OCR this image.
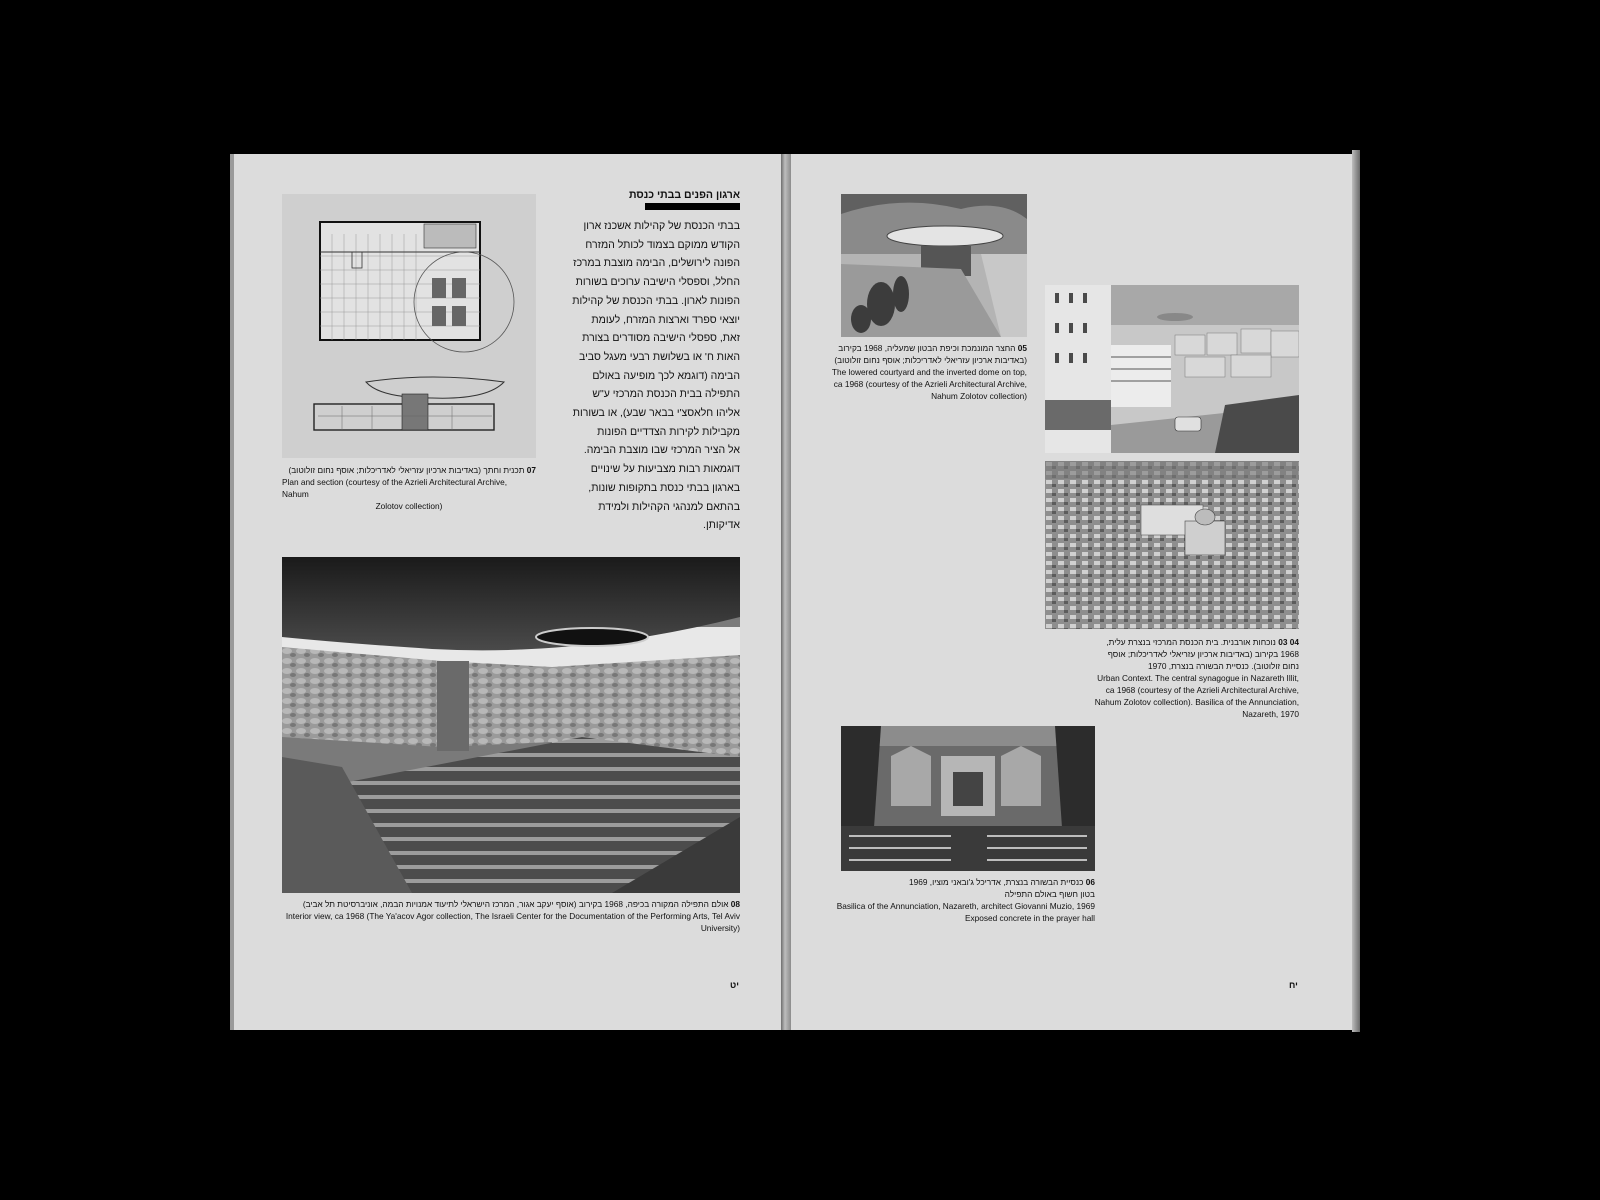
ארגון הפנים בבתי כנסת
בבתי הכנסת של קהילות אשכנז ארון
הקודש ממוקם בצמוד לכותל המזרח
הפונה לירושלים, הבימה מוצבת במרכז
החלל, וספסלי הישיבה ערוכים בשורות
הפונות לארון. בבתי הכנסת של קהילות
יוצאי ספרד וארצות המזרח, לעומת
זאת, ספסלי הישיבה מסודרים בצורת
האות ח' או בשלושת רבעי מעגל סביב
הבימה (דוגמא לכך מופיעה באולם
התפילה בבית הכנסת המרכזי ע"ש
אליהו חלאסצ'י בבאר שבע), או בשורות
מקבילות לקירות הצדדיים הפונות
אל הציר המרכזי שבו מוצבת הבימה.
דוגמאות רבות מצביעות על שינויים
בארגון בבתי כנסת בתקופות שונות,
בהתאם למנהגי הקהילות ולמידת
אדיקותן.
07 תכנית וחתך (באדיבות ארכיון עזריאלי לאדריכלות; אוסף נחום זולוטוב)
Plan and section (courtesy of the Azrieli Architectural Archive, Nahum
Zolotov collection)
08 אולם התפילה המקורה בכיפה, 1968 בקירוב (אוסף יעקב אגור, המרכז הישראלי לתיעוד אמנויות הבמה, אוניברסיטת תל אביב)
Interior view, ca 1968 (The Ya'acov Agor collection, The Israeli Center for the Documentation of the Performing Arts, Tel Aviv University)
יט
05 החצר המונמכת וכיפת הבטון שמעליה, 1968 בקירוב
(באדיבות ארכיון עזריאלי לאדריכלות; אוסף נחום זולוטוב)
The lowered courtyard and the inverted dome on top,
ca 1968 (courtesy of the Azrieli Architectural Archive,
Nahum Zolotov collection)
04 03 נוכחות אורבנית. בית הכנסת המרכזי בנצרת עלית,
1968 בקירוב (באדיבות ארכיון עזריאלי לאדריכלות; אוסף
נחום זולוטוב). כנסיית הבשורה בנצרת, 1970
Urban Context. The central synagogue in Nazareth Illit,
ca 1968 (courtesy of the Azrieli Architectural Archive,
Nahum Zolotov collection). Basilica of the Annunciation,
Nazareth, 1970
06 כנסיית הבשורה בנצרת, אדריכל ג'ובאני מוציו, 1969
בטון חשוף באולם התפילה
Basilica of the Annunciation, Nazareth, architect Giovanni Muzio, 1969
Exposed concrete in the prayer hall
יח
